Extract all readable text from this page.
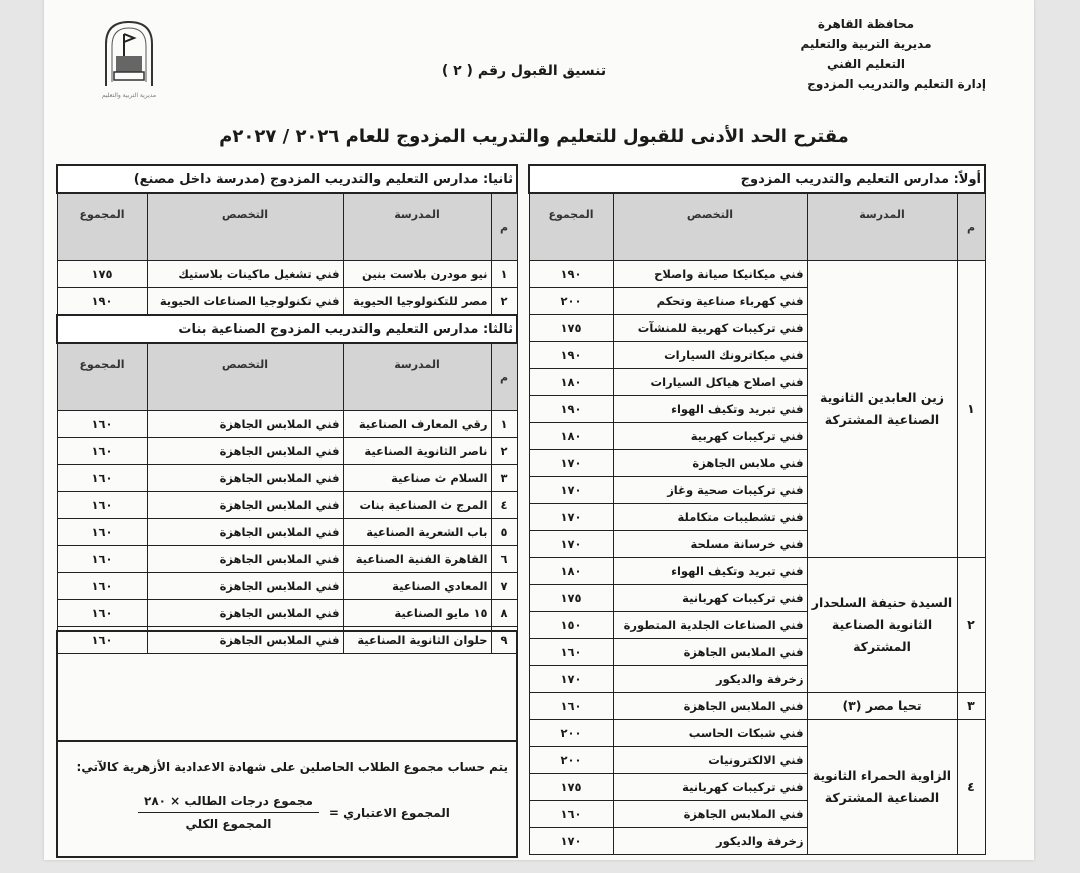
محافظة القاهرة
مديرية التربية والتعليم
التعليم الفني
إدارة التعليم والتدريب المزدوج
تنسيق القبول رقم ( ٢ )
مديرية التربية والتعليم
مقترح الحد الأدنى للقبول للتعليم والتدريب المزدوج للعام ٢٠٢٦ / ٢٠٢٧م
أولاً: مدارس التعليم والتدريب المزدوج			
م	المدرسة	التخصص	المجموع
١	زين العابدين الثانوية الصناعية المشتركة	فني ميكانيكا صيانة واصلاح	١٩٠
		فني كهرباء صناعية وتحكم	٢٠٠
		فني تركيبات كهربية للمنشآت	١٧٥
		فني ميكاترونك السيارات	١٩٠
		فني اصلاح هياكل السيارات	١٨٠
		فني تبريد وتكيف الهواء	١٩٠
		فني تركيبات كهربية	١٨٠
		فني ملابس الجاهزة	١٧٠
		فني تركيبات صحية وغاز	١٧٠
		فني تشطيبات متكاملة	١٧٠
		فني خرسانة مسلحة	١٧٠
٢	السيدة حنيفة السلحدار الثانوية الصناعية المشتركة	فني تبريد وتكيف الهواء	١٨٠
		فني تركيبات كهربانية	١٧٥
		فني الصناعات الجلدية المتطورة	١٥٠
		فني الملابس الجاهزة	١٦٠
		زخرفة والديكور	١٧٠
٣	تحيا مصر (٣)	فني الملابس الجاهزة	١٦٠
٤	الزاوية الحمراء الثانوية الصناعية المشتركة	فني شبكات الحاسب	٢٠٠
		فني الالكترونيات	٢٠٠
		فني تركيبات كهربانية	١٧٥
		فني الملابس الجاهزة	١٦٠
		زخرفة والديكور	١٧٠
ثانيا: مدارس التعليم والتدريب المزدوج (مدرسة داخل مصنع)			
م	المدرسة	التخصص	المجموع
١	نيو مودرن بلاست بنين	فني تشغيل ماكينات بلاستيك	١٧٥
٢	مصر للتكنولوجيا الحيوية	فني تكنولوجيا الصناعات الحيوية	١٩٠
ثالثا: مدارس التعليم والتدريب المزدوج الصناعية بنات			
م	المدرسة	التخصص	المجموع
١	رقي المعارف الصناعية	فني الملابس الجاهزة	١٦٠
٢	ناصر الثانوية الصناعية	فني الملابس الجاهزة	١٦٠
٣	السلام ث صناعية	فني الملابس الجاهزة	١٦٠
٤	المرج ث الصناعية بنات	فني الملابس الجاهزة	١٦٠
٥	باب الشعرية الصناعية	فني الملابس الجاهزة	١٦٠
٦	القاهرة الفنية الصناعية	فني الملابس الجاهزة	١٦٠
٧	المعادي الصناعية	فني الملابس الجاهزة	١٦٠
٨	١٥ مايو الصناعية	فني الملابس الجاهزة	١٦٠
٩	حلوان الثانوية الصناعية	فني الملابس الجاهزة	١٦٠
يتم حساب مجموع الطلاب الحاصلين على شهادة الاعدادية الأزهرية كالآتي:
المجموع الاعتباري =
$\frac{\text{مجموع درجات الطالب × ٢٨٠}}{\text{المجموع الكلي}}$
